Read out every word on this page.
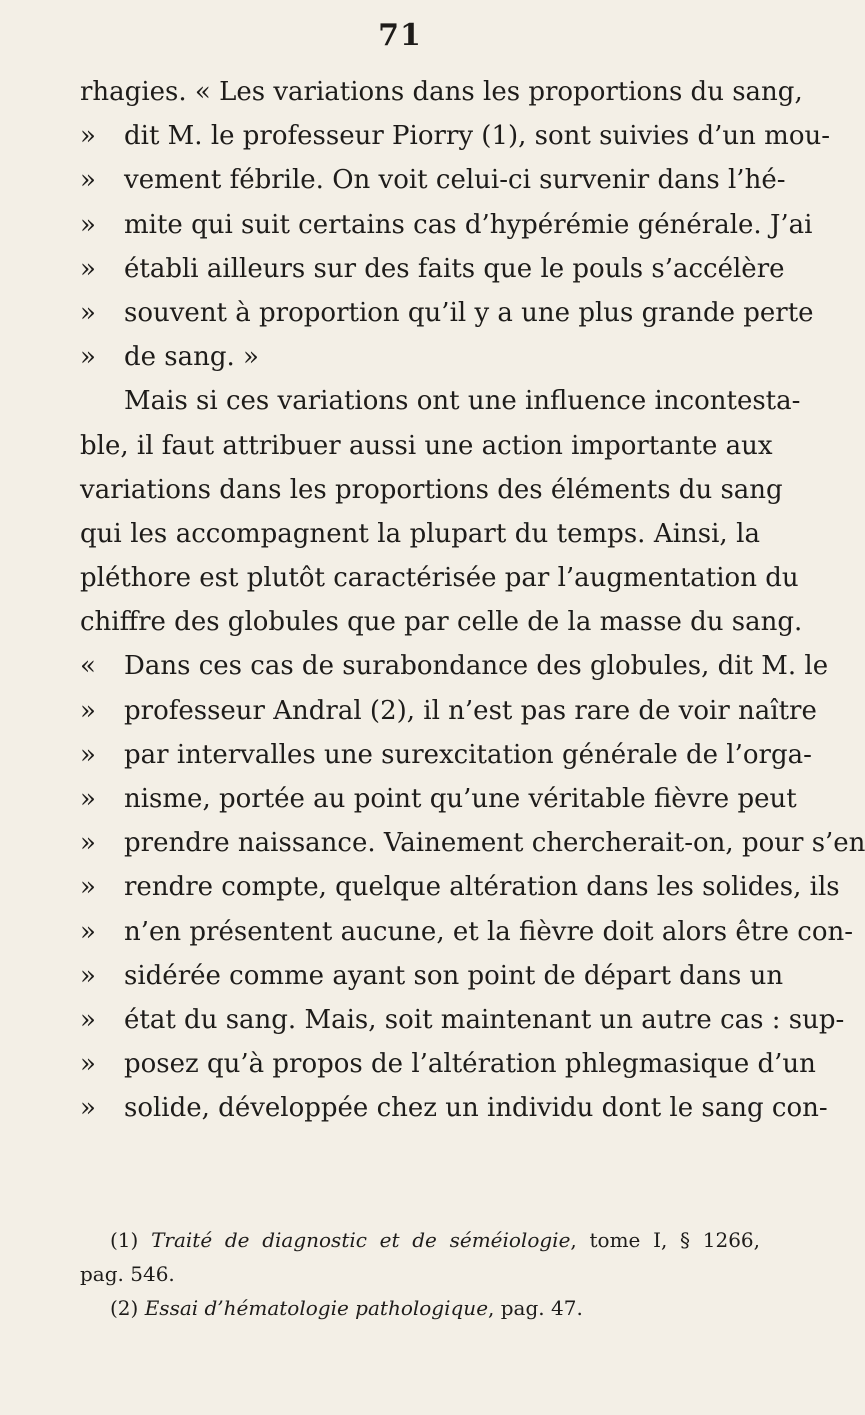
71
rhagies. « Les variations dans les proportions du sang,
» dit M. le professeur Piorry (1), sont suivies d’un mou-
» vement fébrile. On voit celui-ci survenir dans l’hé-
» mite qui suit certains cas d’hypérémie générale. J’ai
» établi ailleurs sur des faits que le pouls s’accélère
» souvent à proportion qu’il y a une plus grande perte
» de sang. »
Mais si ces variations ont une influence incontesta-
ble, il faut attribuer aussi une action importante aux
variations dans les proportions des éléments du sang
qui les accompagnent la plupart du temps. Ainsi, la
pléthore est plutôt caractérisée par l’augmentation du
chiffre des globules que par celle de la masse du sang.
« Dans ces cas de surabondance des globules, dit M. le
» professeur Andral (2), il n’est pas rare de voir naître
» par intervalles une surexcitation générale de l’orga-
» nisme, portée au point qu’une véritable fièvre peut
» prendre naissance. Vainement chercherait-on, pour s’en
» rendre compte, quelque altération dans les solides, ils
» n’en présentent aucune, et la fièvre doit alors être con-
» sidérée comme ayant son point de départ dans un
» état du sang. Mais, soit maintenant un autre cas : sup-
» posez qu’à propos de l’altération phlegmasique d’un
» solide, développée chez un individu dont le sang con-
(1) Traité de diagnostic et de séméiologie, tome I, § 1266,
pag. 546.
(2) Essai d’hématologie pathologique, pag. 47.
